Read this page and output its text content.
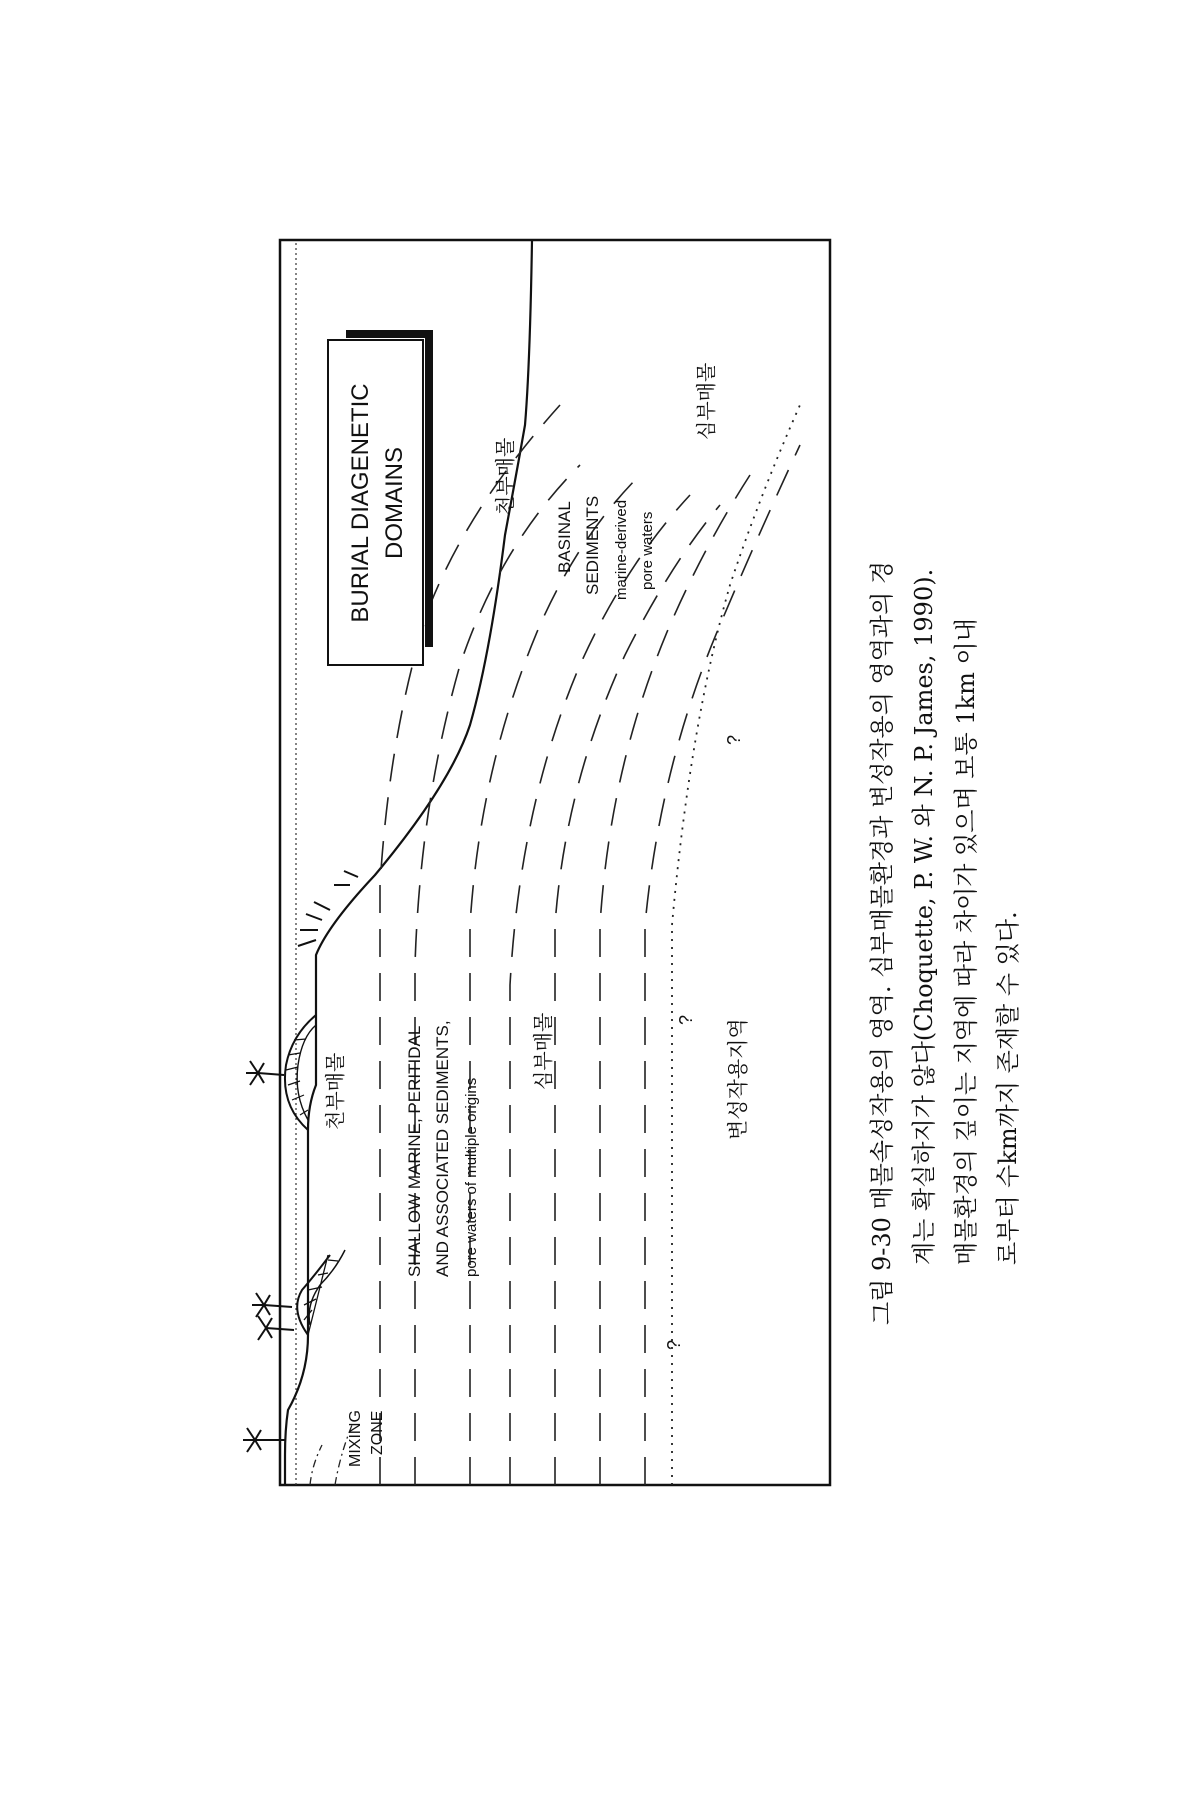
BURIAL DIAGENETIC DOMAINS
MIXING ZONE
SHALLOW MARINE, PERITIDAL AND ASSOCIATED SEDIMENTS, pore waters of multiple origins
천부매몰
천부매몰
심부매몰
심부매몰
변성작용지역
BASINAL SEDIMENTS marine-derived pore waters
?
?
?	그림 9-30 매몰속성작용의 영역. 심부매몰환경과 변성작용의 영역과의 경 계는 확실하지가 않다(Choquette, P. W. 와 N. P. James, 1990). 매몰환경의 깊이는 지역에 따라 차이가 있으며 보통 1km 이내 로부터 수km까지 존재할 수 있다.
